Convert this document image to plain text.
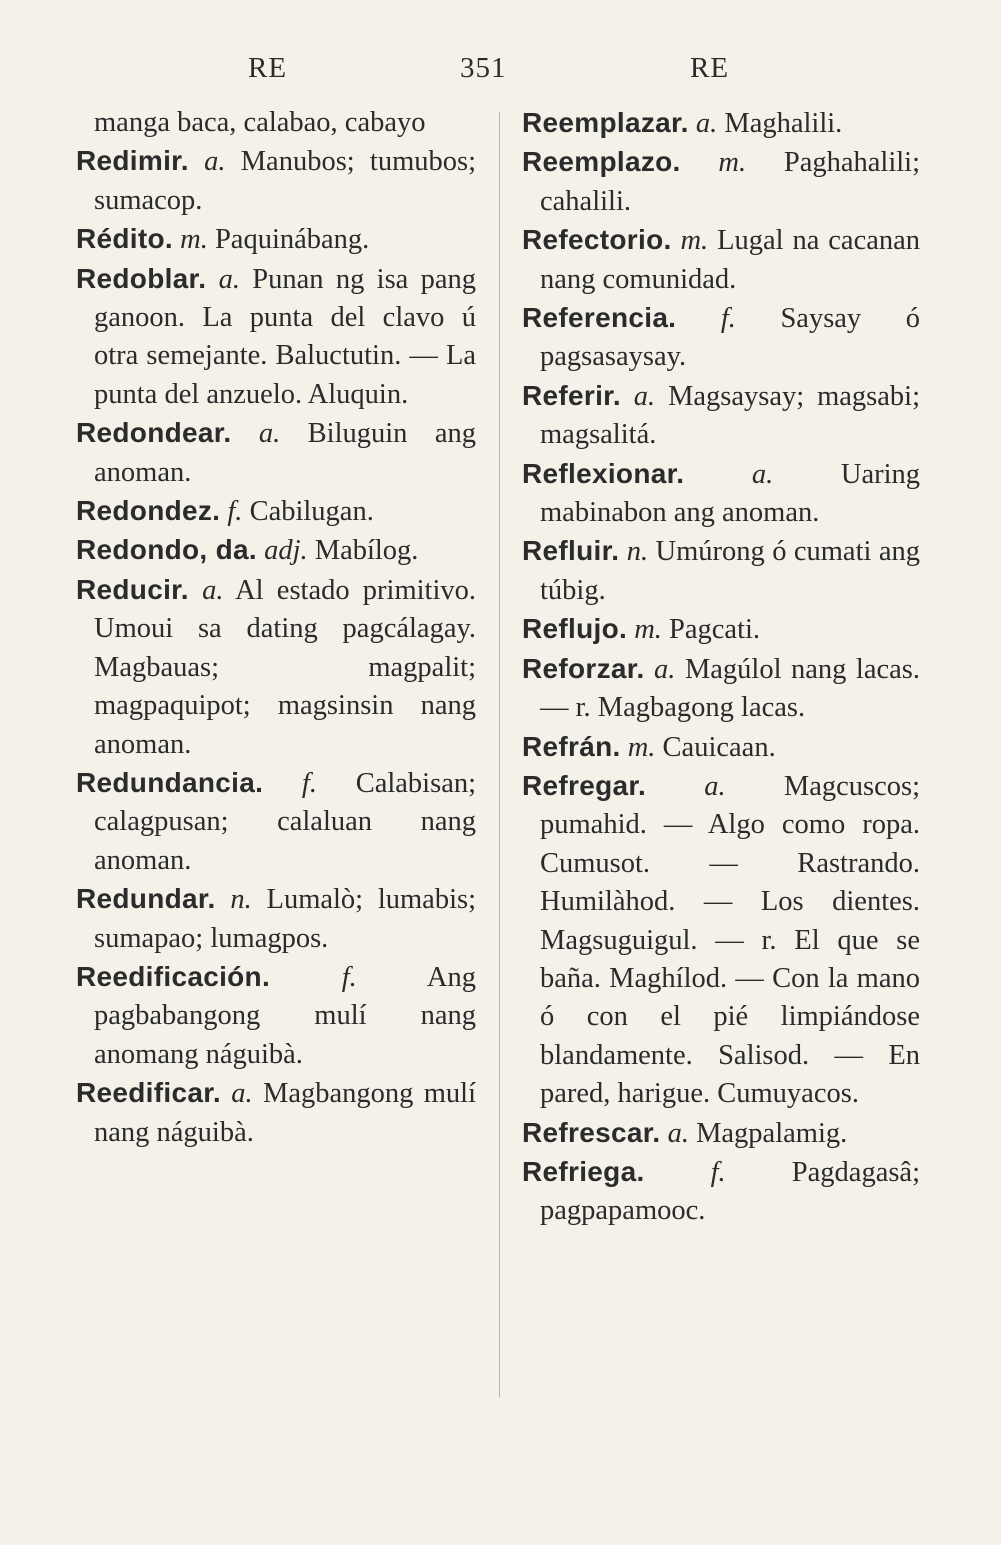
RE	351	RE

manga baca, calabao, cabayo

Redimir. a. Manubos; tumubos; sumacop.

Rédito. m. Paquinábang.

Redoblar. a. Punan ng isa pang ganoon. La punta del clavo ú otra semejante. Baluctutin. — La punta del anzuelo. Aluquin.

Redondear. a. Biluguin ang anoman.

Redondez. f. Cabilugan.

Redondo, da. adj. Mabílog.

Reducir. a. Al estado primitivo. Umoui sa dating pagcálagay. Magbauas; magpalit; magpaquipot; magsinsin nang anoman.

Redundancia. f. Calabisan; calagpusan; calaluan nang anoman.

Redundar. n. Lumalò; lumabis; sumapao; lumagpos.

Reedificación.	f. Ang pagbabangong mulí nang anomang náguibà.

Reedificar. a. Magbangong mulí nang náguibà.

Reemplazar. a. Maghalili.

Reemplazo. m. Paghahalili; cahalili.

Refectorio. m. Lugal na cacanan nang comunidad.

Referencia. f. Saysay ó pagsasaysay.

Referir. a. Magsaysay; magsabi; magsalitá.

Reflexionar. a. Uaring mabinabon ang anoman.

Refluir. n. Umúrong ó cumati ang túbig.

Reflujo. m. Pagcati.

Reforzar. a. Magúlol nang lacas. — r. Magbagong lacas.

Refrán. m. Cauicaan.

Refregar. a. Magcuscos; pumahid. — Algo como ropa. Cumusot. — Rastrando. Humilàhod. — Los dientes. Magsuguigul. — r. El que se baña. Maghílod. — Con la mano ó con el pié limpiándose blandamente. Salisod. — En pared, harigue. Cumuyacos.

Refrescar. a. Magpalamig.

Refriega. f. Pagdagasâ; pagpapamooc.
